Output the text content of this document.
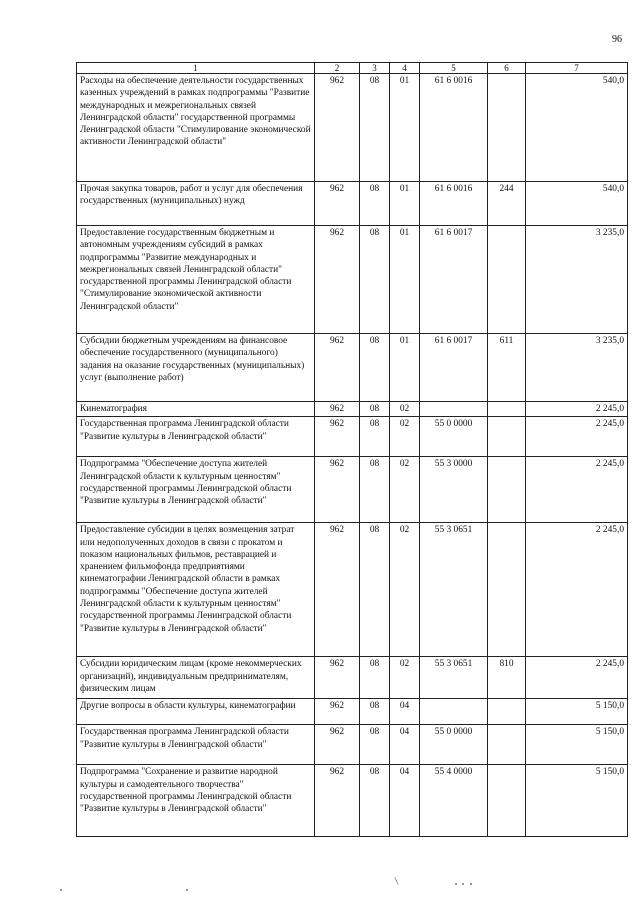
96
1	2	3	4	5	6	7
Расходы на обеспечение деятельности государственных казенных учреждений в рамках подпрограммы "Развитие международных и межрегиональных связей Ленинградской области" государственной программы Ленинградской области "Стимулирование экономической активности Ленинградской области"	962	08	01	61 6 0016		540,0
Прочая закупка товаров, работ и услуг для обеспечения государственных (муниципальных) нужд	962	08	01	61 6 0016	244	540,0
Предоставление государственным бюджетным и автономным учреждениям субсидий в рамках подпрограммы "Развитие международных и межрегиональных связей Ленинградской области" государственной программы Ленинградской области "Стимулирование экономической активности Ленинградской области"	962	08	01	61 6 0017		3 235,0
Субсидии бюджетным учреждениям на финансовое обеспечение государственного (муниципального) задания на оказание государственных (муниципальных) услуг (выполнение работ)	962	08	01	61 6 0017	611	3 235,0
Кинематография	962	08	02			2 245,0
Государственная программа Ленинградской области "Развитие культуры в Ленинградской области"	962	08	02	55 0 0000		2 245,0
Подпрограмма "Обеспечение доступа жителей Ленинградской области к культурным ценностям" государственной программы Ленинградской области "Развитие культуры в Ленинградской области"	962	08	02	55 3 0000		2 245,0
Предоставление субсидии в целях возмещения затрат или недополученных доходов в связи с прокатом и показом национальных фильмов, реставрацией и хранением фильмофонда предприятиями кинематографии Ленинградской области в рамках подпрограммы "Обеспечение доступа жителей Ленинградской области к культурным ценностям" государственной программы Ленинградской области "Развитие культуры в Ленинградской области"	962	08	02	55 3 0651		2 245,0
Субсидии юридическим лицам (кроме некоммерческих организаций), индивидуальным предпринимателям, физическим лицам	962	08	02	55 3 0651	810	2 245,0
Другие вопросы в области культуры, кинематографии	962	08	04			5 150,0
Государственная программа Ленинградской области "Развитие культуры в Ленинградской области"	962	08	04	55 0 0000		5 150,0
Подпрограмма "Сохранение и развитие народной культуры и самодеятельного творчества" государственной программы Ленинградской области "Развитие культуры в Ленинградской области"	962	08	04	55 4 0000		5 150,0
